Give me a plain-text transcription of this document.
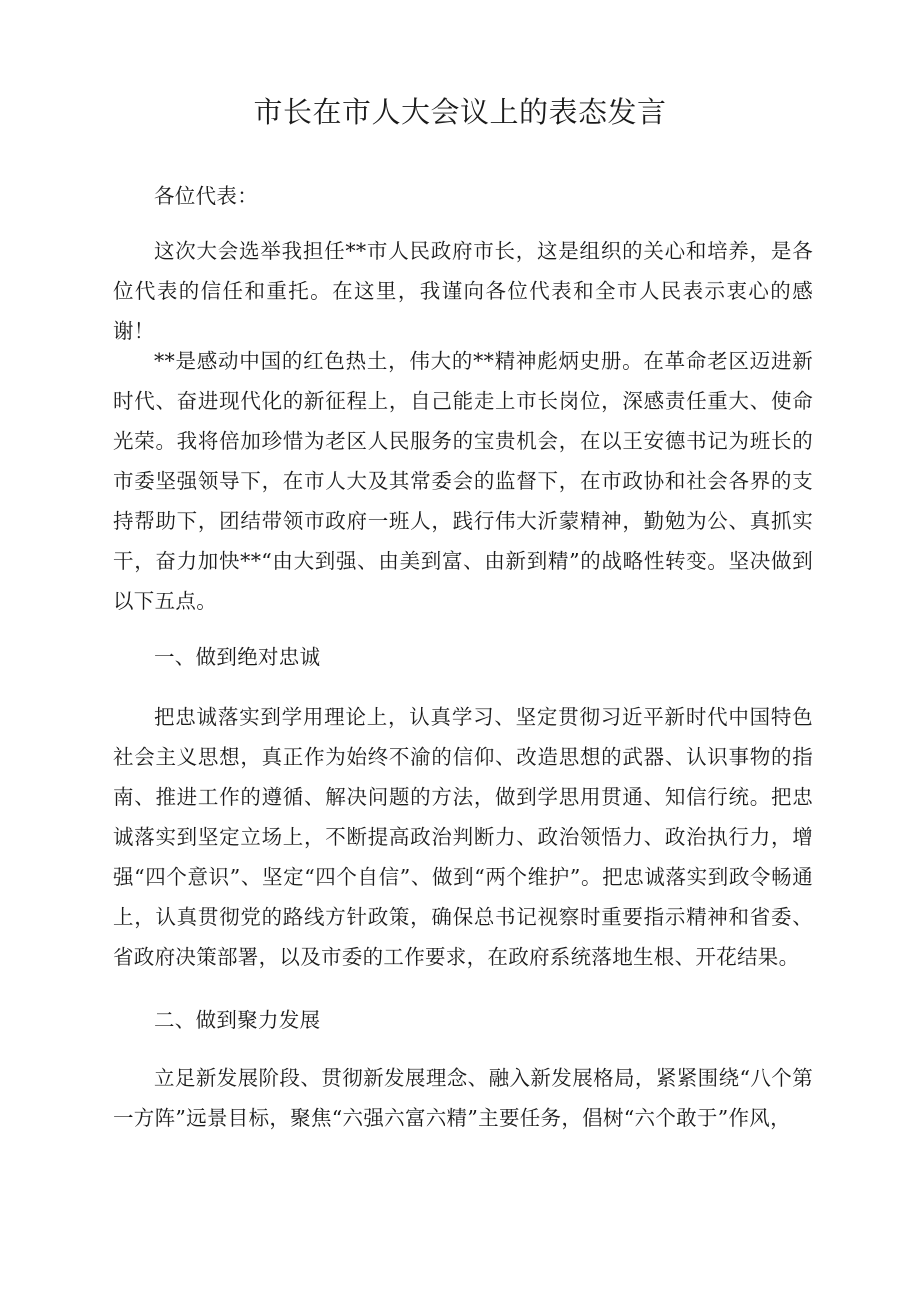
市长在市人大会议上的表态发言

各位代表：

这次大会选举我担任**市人民政府市长，这是组织的关心和培养，是各位代表的信任和重托。在这里，我谨向各位代表和全市人民表示衷心的感谢！

**是感动中国的红色热土，伟大的**精神彪炳史册。在革命老区迈进新时代、奋进现代化的新征程上，自己能走上市长岗位，深感责任重大、使命光荣。我将倍加珍惜为老区人民服务的宝贵机会，在以王安德书记为班长的市委坚强领导下，在市人大及其常委会的监督下，在市政协和社会各界的支持帮助下，团结带领市政府一班人，践行伟大沂蒙精神，勤勉为公、真抓实干，奋力加快**“由大到强、由美到富、由新到精”的战略性转变。坚决做到以下五点。

一、做到绝对忠诚

把忠诚落实到学用理论上，认真学习、坚定贯彻习近平新时代中国特色社会主义思想，真正作为始终不渝的信仰、改造思想的武器、认识事物的指南、推进工作的遵循、解决问题的方法，做到学思用贯通、知信行统。把忠诚落实到坚定立场上，不断提高政治判断力、政治领悟力、政治执行力，增强“四个意识”、坚定“四个自信”、做到“两个维护”。把忠诚落实到政令畅通上，认真贯彻党的路线方针政策，确保总书记视察时重要指示精神和省委、省政府决策部署，以及市委的工作要求，在政府系统落地生根、开花结果。

二、做到聚力发展

立足新发展阶段、贯彻新发展理念、融入新发展格局，紧紧围绕“八个第一方阵”远景目标，聚焦“六强六富六精”主要任务，倡树“六个敢于”作风，
